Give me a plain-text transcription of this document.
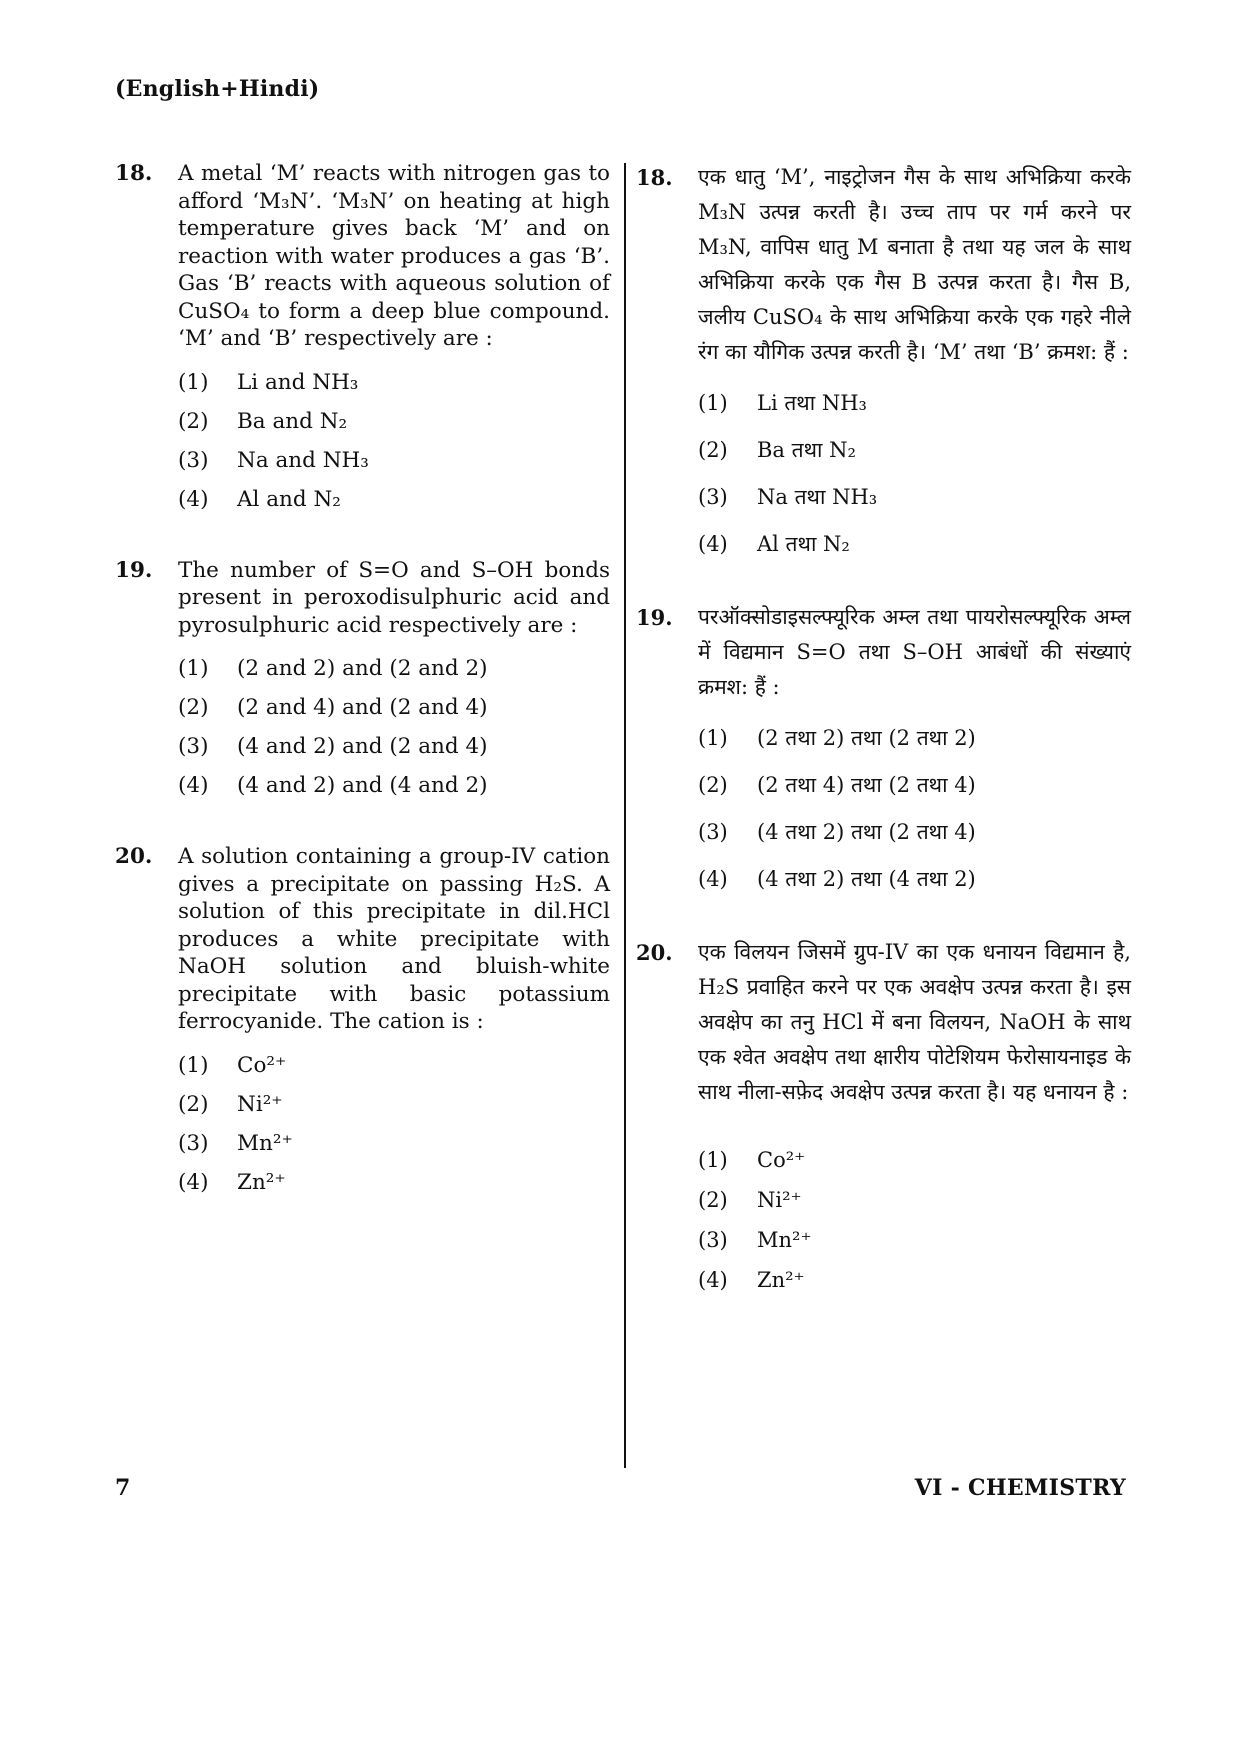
(English+Hindi)
18.	A metal ‘M’ reacts with nitrogen gas to afford ‘M₃N’. ‘M₃N’ on heating at high temperature gives back ‘M’ and on reaction with water produces a gas ‘B’. Gas ‘B’ reacts with aqueous solution of CuSO₄ to form a deep blue compound. ‘M’ and ‘B’ respectively are :

(1)	Li and NH₃
(2)	Ba and N₂
(3)	Na and NH₃
(4)	Al and N₂
19.	The number of S=O and S–OH bonds present in peroxodisulphuric acid and pyrosulphuric acid respectively are :

(1)	(2 and 2) and (2 and 2)
(2)	(2 and 4) and (2 and 4)
(3)	(4 and 2) and (2 and 4)
(4)	(4 and 2) and (4 and 2)
20.	A solution containing a group-IV cation gives a precipitate on passing H₂S. A solution of this precipitate in dil.HCl produces a white precipitate with NaOH solution and bluish-white precipitate with basic potassium ferrocyanide. The cation is :

(1)	Co²⁺
(2)	Ni²⁺
(3)	Mn²⁺
(4)	Zn²⁺
18.	एक धातु ‘M’, नाइट्रोजन गैस के साथ अभिक्रिया करके M₃N उत्पन्न करती है। उच्च ताप पर गर्म करने पर M₃N, वापिस धातु M बनाता है तथा यह जल के साथ अभिक्रिया करके एक गैस B उत्पन्न करता है। गैस B, जलीय CuSO₄ के साथ अभिक्रिया करके एक गहरे नीले रंग का यौगिक उत्पन्न करती है। ‘M’ तथा ‘B’ क्रमश: हैं :

(1)	Li तथा NH₃
(2)	Ba तथा N₂
(3)	Na तथा NH₃
(4)	Al तथा N₂
19.	परऑक्सोडाइसल्फ्यूरिक अम्ल तथा पायरोसल्फ्यूरिक अम्ल में विद्यमान S=O तथा S–OH आबंधों की संख्याएं क्रमश: हैं :

(1)	(2 तथा 2) तथा (2 तथा 2)
(2)	(2 तथा 4) तथा (2 तथा 4)
(3)	(4 तथा 2) तथा (2 तथा 4)
(4)	(4 तथा 2) तथा (4 तथा 2)
20.	एक विलयन जिसमें ग्रुप-IV का एक धनायन विद्यमान है, H₂S प्रवाहित करने पर एक अवक्षेप उत्पन्न करता है। इस अवक्षेप का तनु HCl में बना विलयन, NaOH के साथ एक श्वेत अवक्षेप तथा क्षारीय पोटेशियम फेरोसायनाइड के साथ नीला-सफ़ेद अवक्षेप उत्पन्न करता है। यह धनायन है :

(1)	Co²⁺
(2)	Ni²⁺
(3)	Mn²⁺
(4)	Zn²⁺
7	VI - CHEMISTRY
